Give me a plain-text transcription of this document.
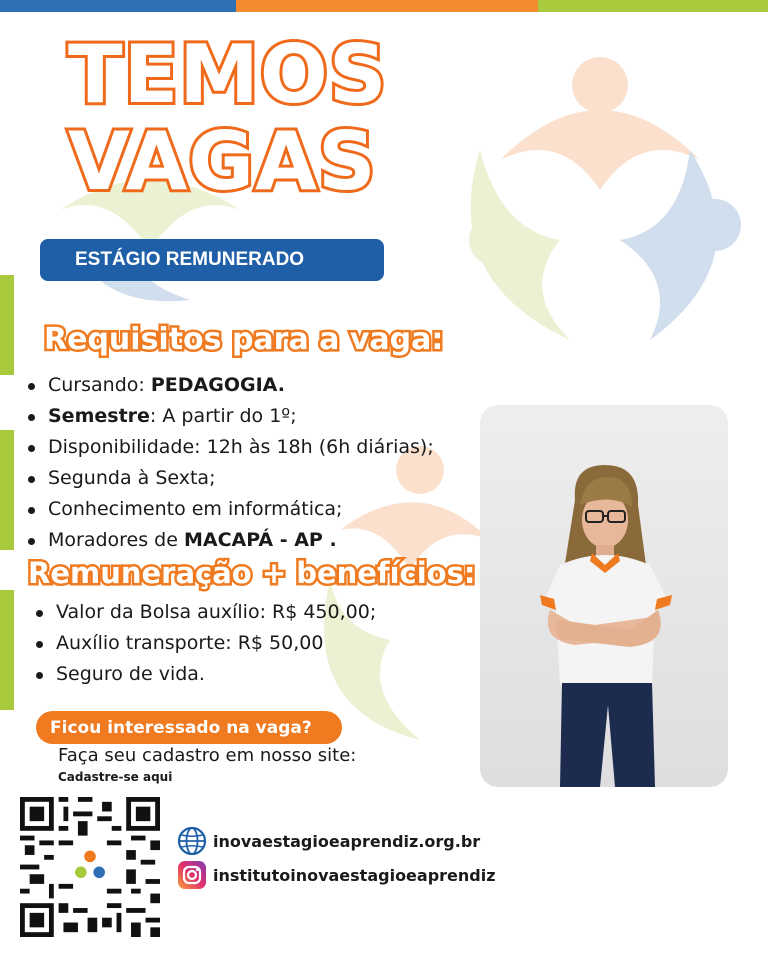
TEMOS
VAGAS
ESTÁGIO REMUNERADO
Requisitos para a vaga:
Cursando: PEDAGOGIA.
Semestre: A partir do 1º;
Disponibilidade: 12h às 18h (6h diárias);
Segunda à Sexta;
Conhecimento em informática;
Moradores de MACAPÁ - AP .
Remuneração + benefícios:
Valor da Bolsa auxílio: R$ 450,00;
Auxílio transporte: R$ 50,00
Seguro de vida.
Ficou interessado na vaga?
Faça seu cadastro em nosso site:
Cadastre-se aqui
inovaestagioeaprendiz.org.br
institutoinovaestagioeaprendiz
